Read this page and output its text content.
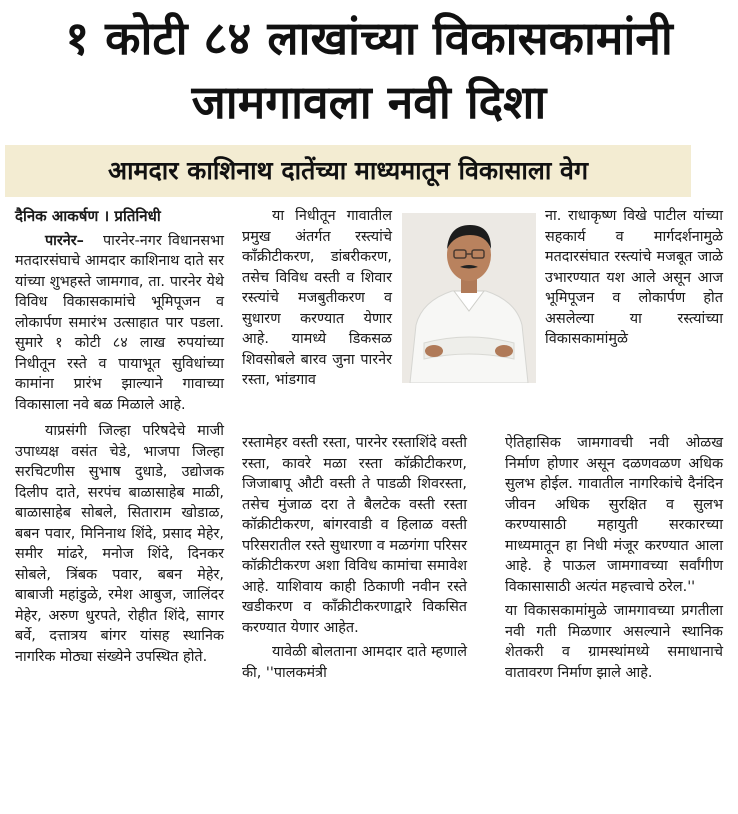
१ कोटी ८४ लाखांच्या विकासकामांनी
जामगावला नवी दिशा
आमदार काशिनाथ दातेंच्या माध्यमातून विकासाला वेग
दैनिक आकर्षण । प्रतिनिधी

पारनेर– पारनेर-नगर विधानसभा मतदारसंघाचे आमदार काशिनाथ दाते सर यांच्या शुभहस्ते जामगाव, ता. पारनेर येथे विविध विकासकामांचे भूमिपूजन व लोकार्पण समारंभ उत्साहात पार पडला. सुमारे १ कोटी ८४ लाख रुपयांच्या निधीतून रस्ते व पायाभूत सुविधांच्या कामांना प्रारंभ झाल्याने गावाच्या विकासाला नवे बळ मिळाले आहे.

याप्रसंगी जिल्हा परिषदेचे माजी उपाध्यक्ष वसंत चेडे, भाजपा जिल्हा सरचिटणीस सुभाष दुधाडे, उद्योजक दिलीप दाते, सरपंच बाळासाहेब माळी, बाळासाहेब सोबले, सिताराम खोडाळ, बबन पवार, मिनिनाथ शिंदे, प्रसाद मेहेर, समीर मांढरे, मनोज शिंदे, दिनकर सोबले, त्रिंबक पवार, बबन मेहेर, बाबाजी महांडुळे, रमेश आबुज, जालिंदर मेहेर, अरुण धुरपते, रोहीत शिंदे, सागर बर्वे, दत्तात्रय बांगर यांसह स्थानिक नागरिक मोठ्या संख्येने उपस्थित होते.

या निधीतून गावातील प्रमुख अंतर्गत रस्त्यांचे कॉंक्रीटीकरण, डांबरीकरण, तसेच विविध वस्ती व शिवार रस्त्यांचे मजबुतीकरण व सुधारण करण्यात येणार आहे. यामध्ये डिकसळ शिवसोबले बारव जुना पारनेर रस्ता, भांडगाव

ना. राधाकृष्ण विखे पाटील यांच्या सहकार्य व मार्गदर्शनामुळे मतदारसंघात रस्त्यांचे मजबूत जाळे उभारण्यात यश आले असून आज भूमिपूजन व लोकार्पण होत असलेल्या या रस्त्यांच्या विकासकामांमुळे

रस्तामेहर वस्ती रस्ता, पारनेर रस्ताशिंदे वस्ती रस्ता, कावरे मळा रस्ता कॉक्रीटीकरण, जिजाबापू औटी वस्ती ते पाडळी शिवरस्ता, तसेच मुंजाळ दरा ते बैलटेक वस्ती रस्ता कॉक्रीटीकरण, बांगरवाडी व हिलाळ वस्ती परिसरातील रस्ते सुधारणा व मळगंगा परिसर कॉक्रीटीकरण अशा विविध कामांचा समावेश आहे. याशिवाय काही ठिकाणी नवीन रस्ते खडीकरण व कॉंक्रीटीकरणाद्वारे विकसित करण्यात येणार आहेत.

यावेळी बोलताना आमदार दाते म्हणाले की, ''पालकमंत्री

ऐतिहासिक जामगावची नवी ओळख निर्माण होणार असून दळणवळण अधिक सुलभ होईल. गावातील नागरिकांचे दैनंदिन जीवन अधिक सुरक्षित व सुलभ करण्यासाठी महायुती सरकारच्या माध्यमातून हा निधी मंजूर करण्यात आला आहे. हे पाऊल जामगावच्या सर्वांगीण विकासासाठी अत्यंत महत्त्वाचे ठरेल.''

या विकासकामांमुळे जामगावच्या प्रगतीला नवी गती मिळणार असल्याने स्थानिक शेतकरी व ग्रामस्थांमध्ये समाधानाचे वातावरण निर्माण झाले आहे.
